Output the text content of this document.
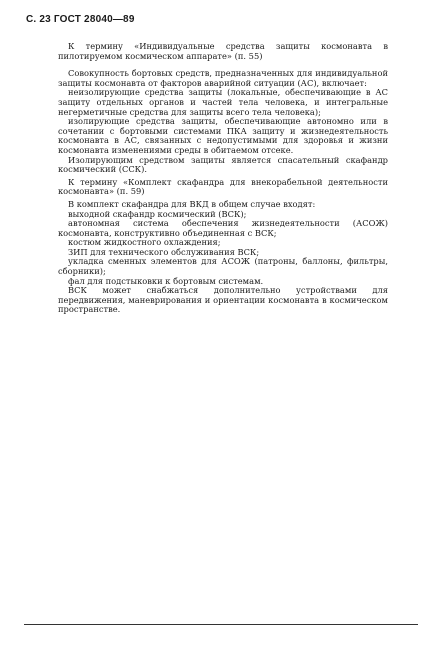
С. 23 ГОСТ 28040—89

К термину «Индивидуальные средства защиты космонавта в пилотируемом космическом аппарате» (п. 55)

Совокупность бортовых средств, предназначенных для индивидуальной защиты космонавта от факторов аварийной ситуации (АС), включает:

неизолирующие средства защиты (локальные, обеспечивающие в АС защиту отдельных органов и частей тела человека, и интегральные негерметичные средства для защиты всего тела человека);

изолирующие средства защиты, обеспечивающие автономно или в сочетании с бортовыми системами ПКА защиту и жизнедеятельность космонавта в АС, связанных с недопустимыми для здоровья и жизни космонавта изменениями среды в обитаемом отсеке.

Изолирующим средством защиты является спасательный скафандр космический (ССК).

К термину «Комплект скафандра для внекорабельной деятельности космонавта» (п. 59)

В комплект скафандра для ВКД в общем случае входят:

выходной скафандр космический (ВСК);

автономная система обеспечения жизнедеятельности (АСОЖ) космонавта, конструктивно объединенная с ВСК;

костюм жидкостного охлаждения;

ЗИП для технического обслуживания ВСК;

укладка сменных элементов для АСОЖ (патроны, баллоны, фильтры, сборники);

фал для подстыковки к бортовым системам.

ВСК может снабжаться дополнительно устройствами для передвижения, маневрирования и ориентации космонавта в космическом пространстве.
